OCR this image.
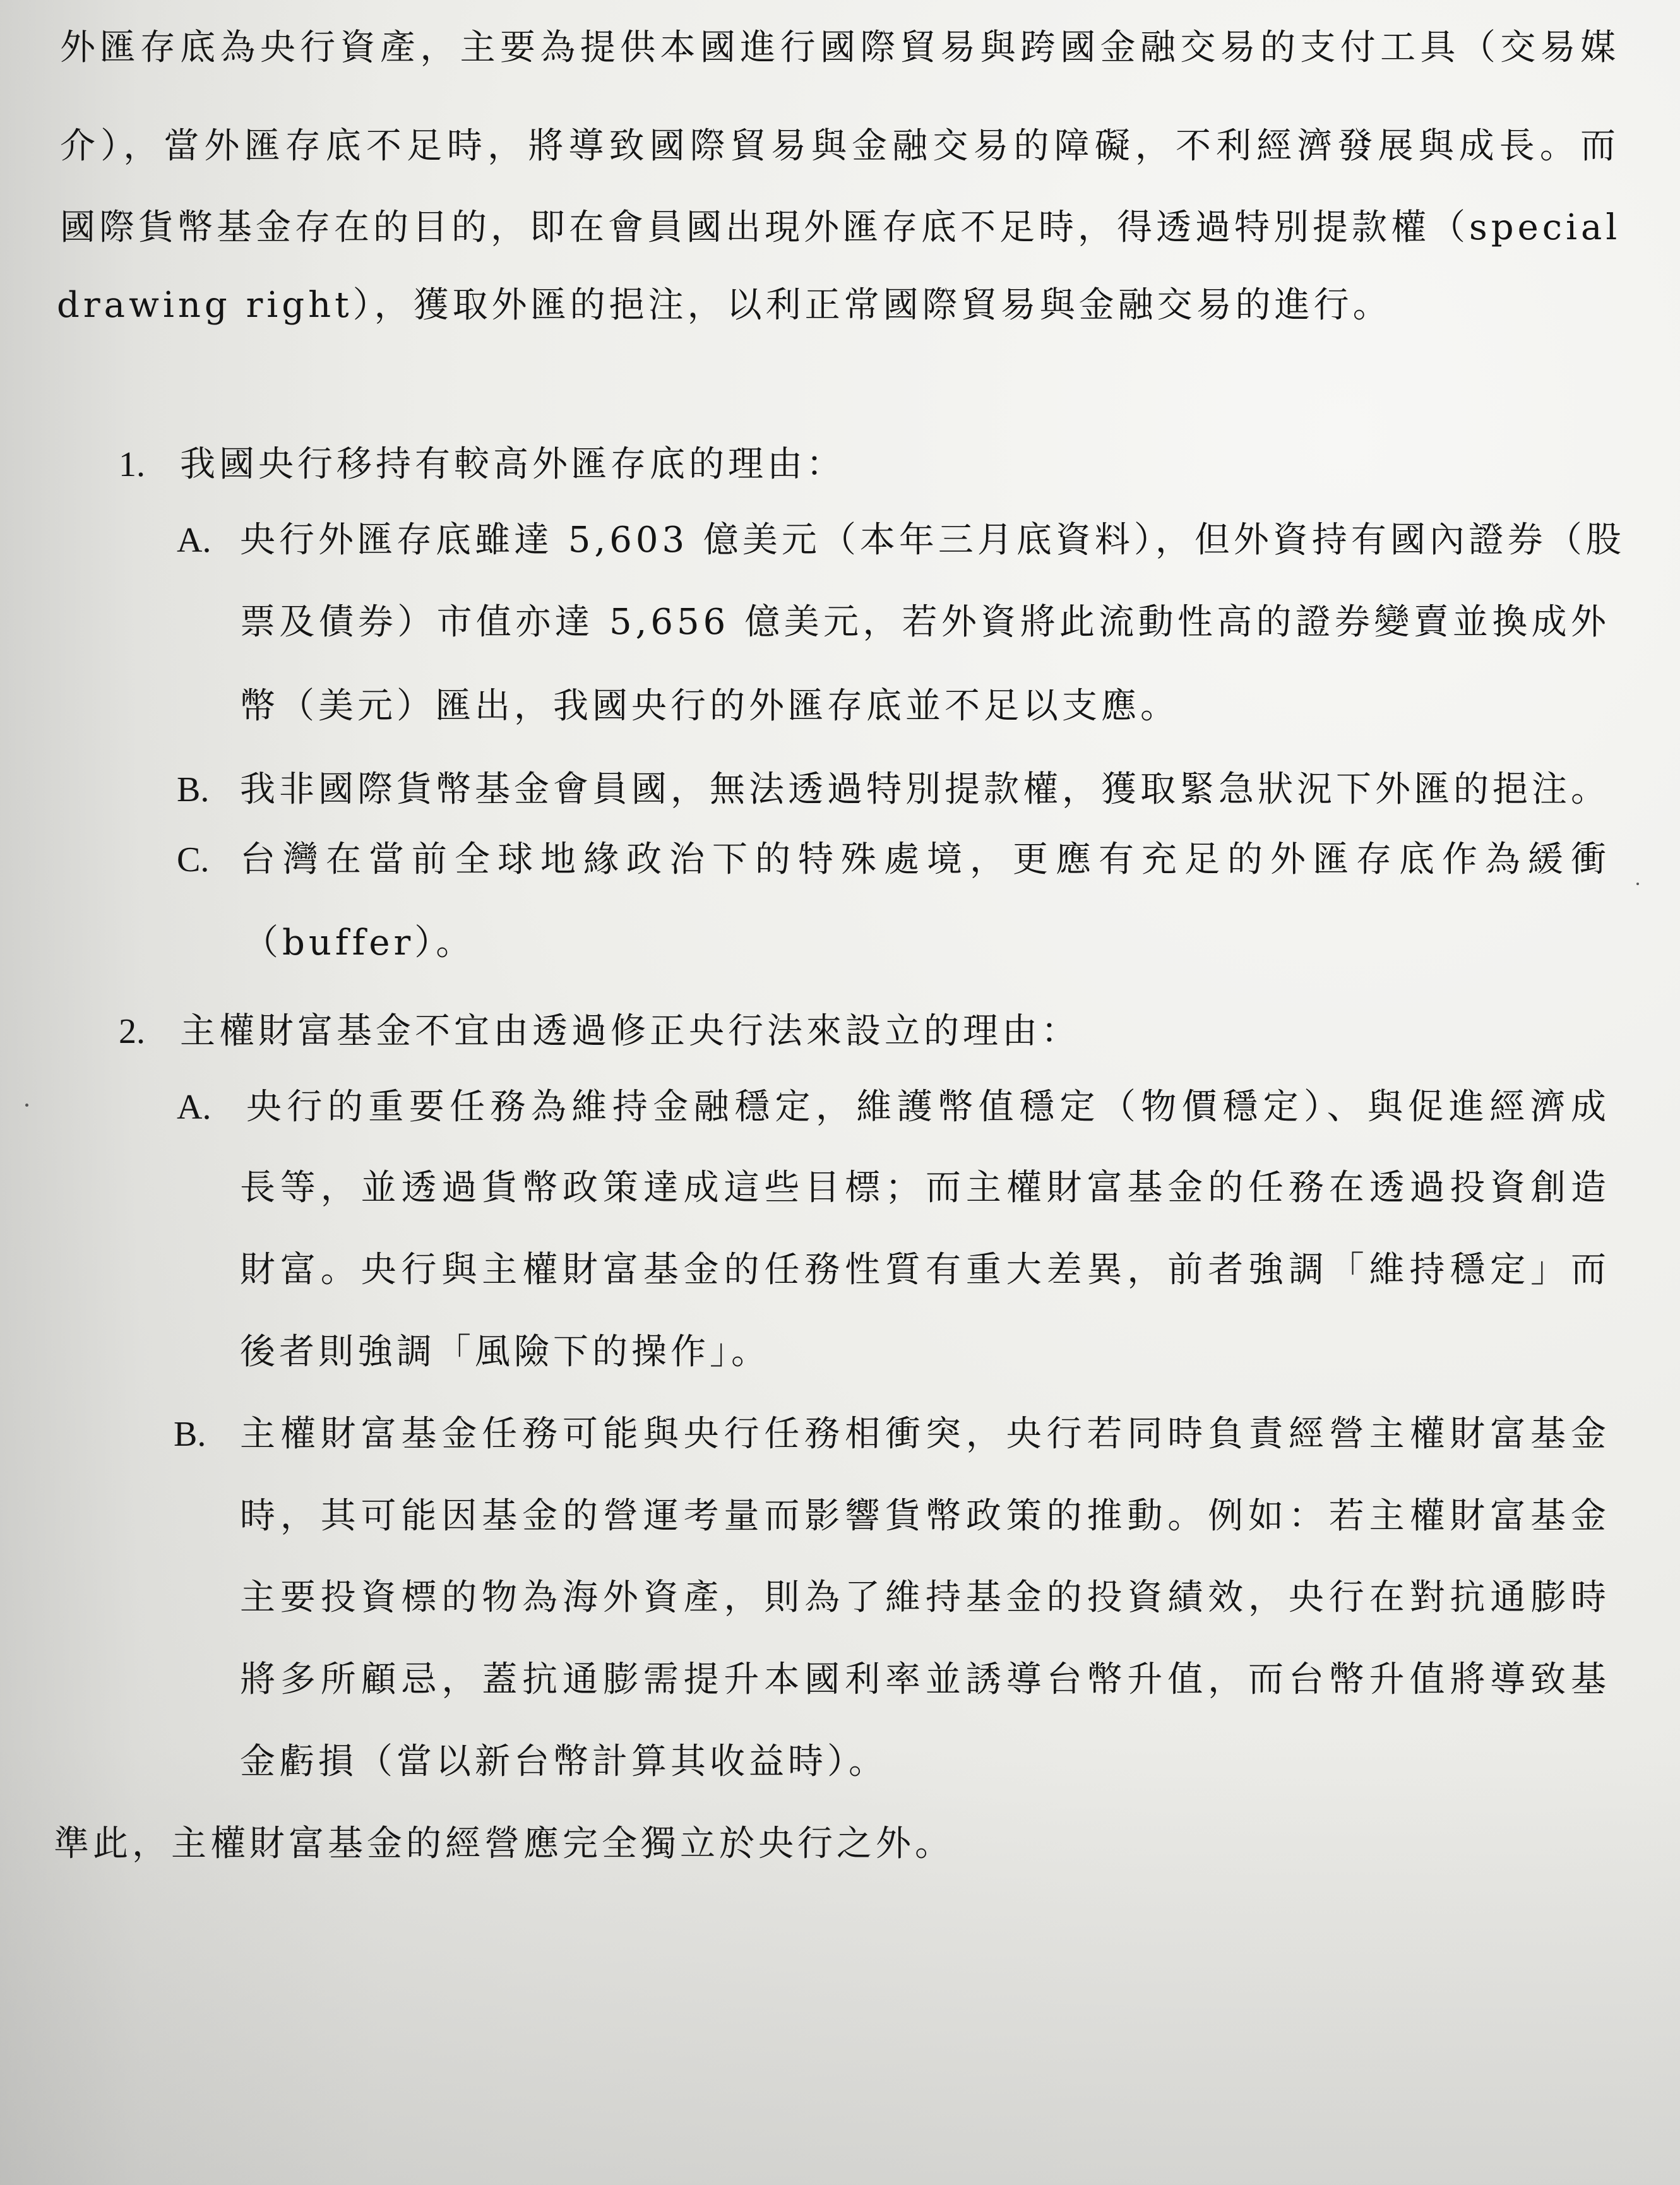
外匯存底為央行資產，主要為提供本國進行國際貿易與跨國金融交易的支付工具（交易媒
介），當外匯存底不足時，將導致國際貿易與金融交易的障礙，不利經濟發展與成長。而
國際貨幣基金存在的目的，即在會員國出現外匯存底不足時，得透過特別提款權（special
drawing right），獲取外匯的挹注，以利正常國際貿易與金融交易的進行。
1. 我國央行移持有較高外匯存底的理由：
A. 央行外匯存底雖達 5,603 億美元（本年三月底資料），但外資持有國內證券（股
票及債券）市值亦達 5,656 億美元，若外資將此流動性高的證券變賣並換成外
幣（美元）匯出，我國央行的外匯存底並不足以支應。
B. 我非國際貨幣基金會員國，無法透過特別提款權，獲取緊急狀況下外匯的挹注。
C. 台灣在當前全球地緣政治下的特殊處境，更應有充足的外匯存底作為緩衝
（buffer）。
2. 主權財富基金不宜由透過修正央行法來設立的理由：
A. 央行的重要任務為維持金融穩定，維護幣值穩定（物價穩定）、與促進經濟成
長等，並透過貨幣政策達成這些目標；而主權財富基金的任務在透過投資創造
財富。央行與主權財富基金的任務性質有重大差異，前者強調「維持穩定」而
後者則強調「風險下的操作」。
B. 主權財富基金任務可能與央行任務相衝突，央行若同時負責經營主權財富基金
時，其可能因基金的營運考量而影響貨幣政策的推動。例如：若主權財富基金
主要投資標的物為海外資產，則為了維持基金的投資績效，央行在對抗通膨時
將多所顧忌，蓋抗通膨需提升本國利率並誘導台幣升值，而台幣升值將導致基
金虧損（當以新台幣計算其收益時）。
準此，主權財富基金的經營應完全獨立於央行之外。
